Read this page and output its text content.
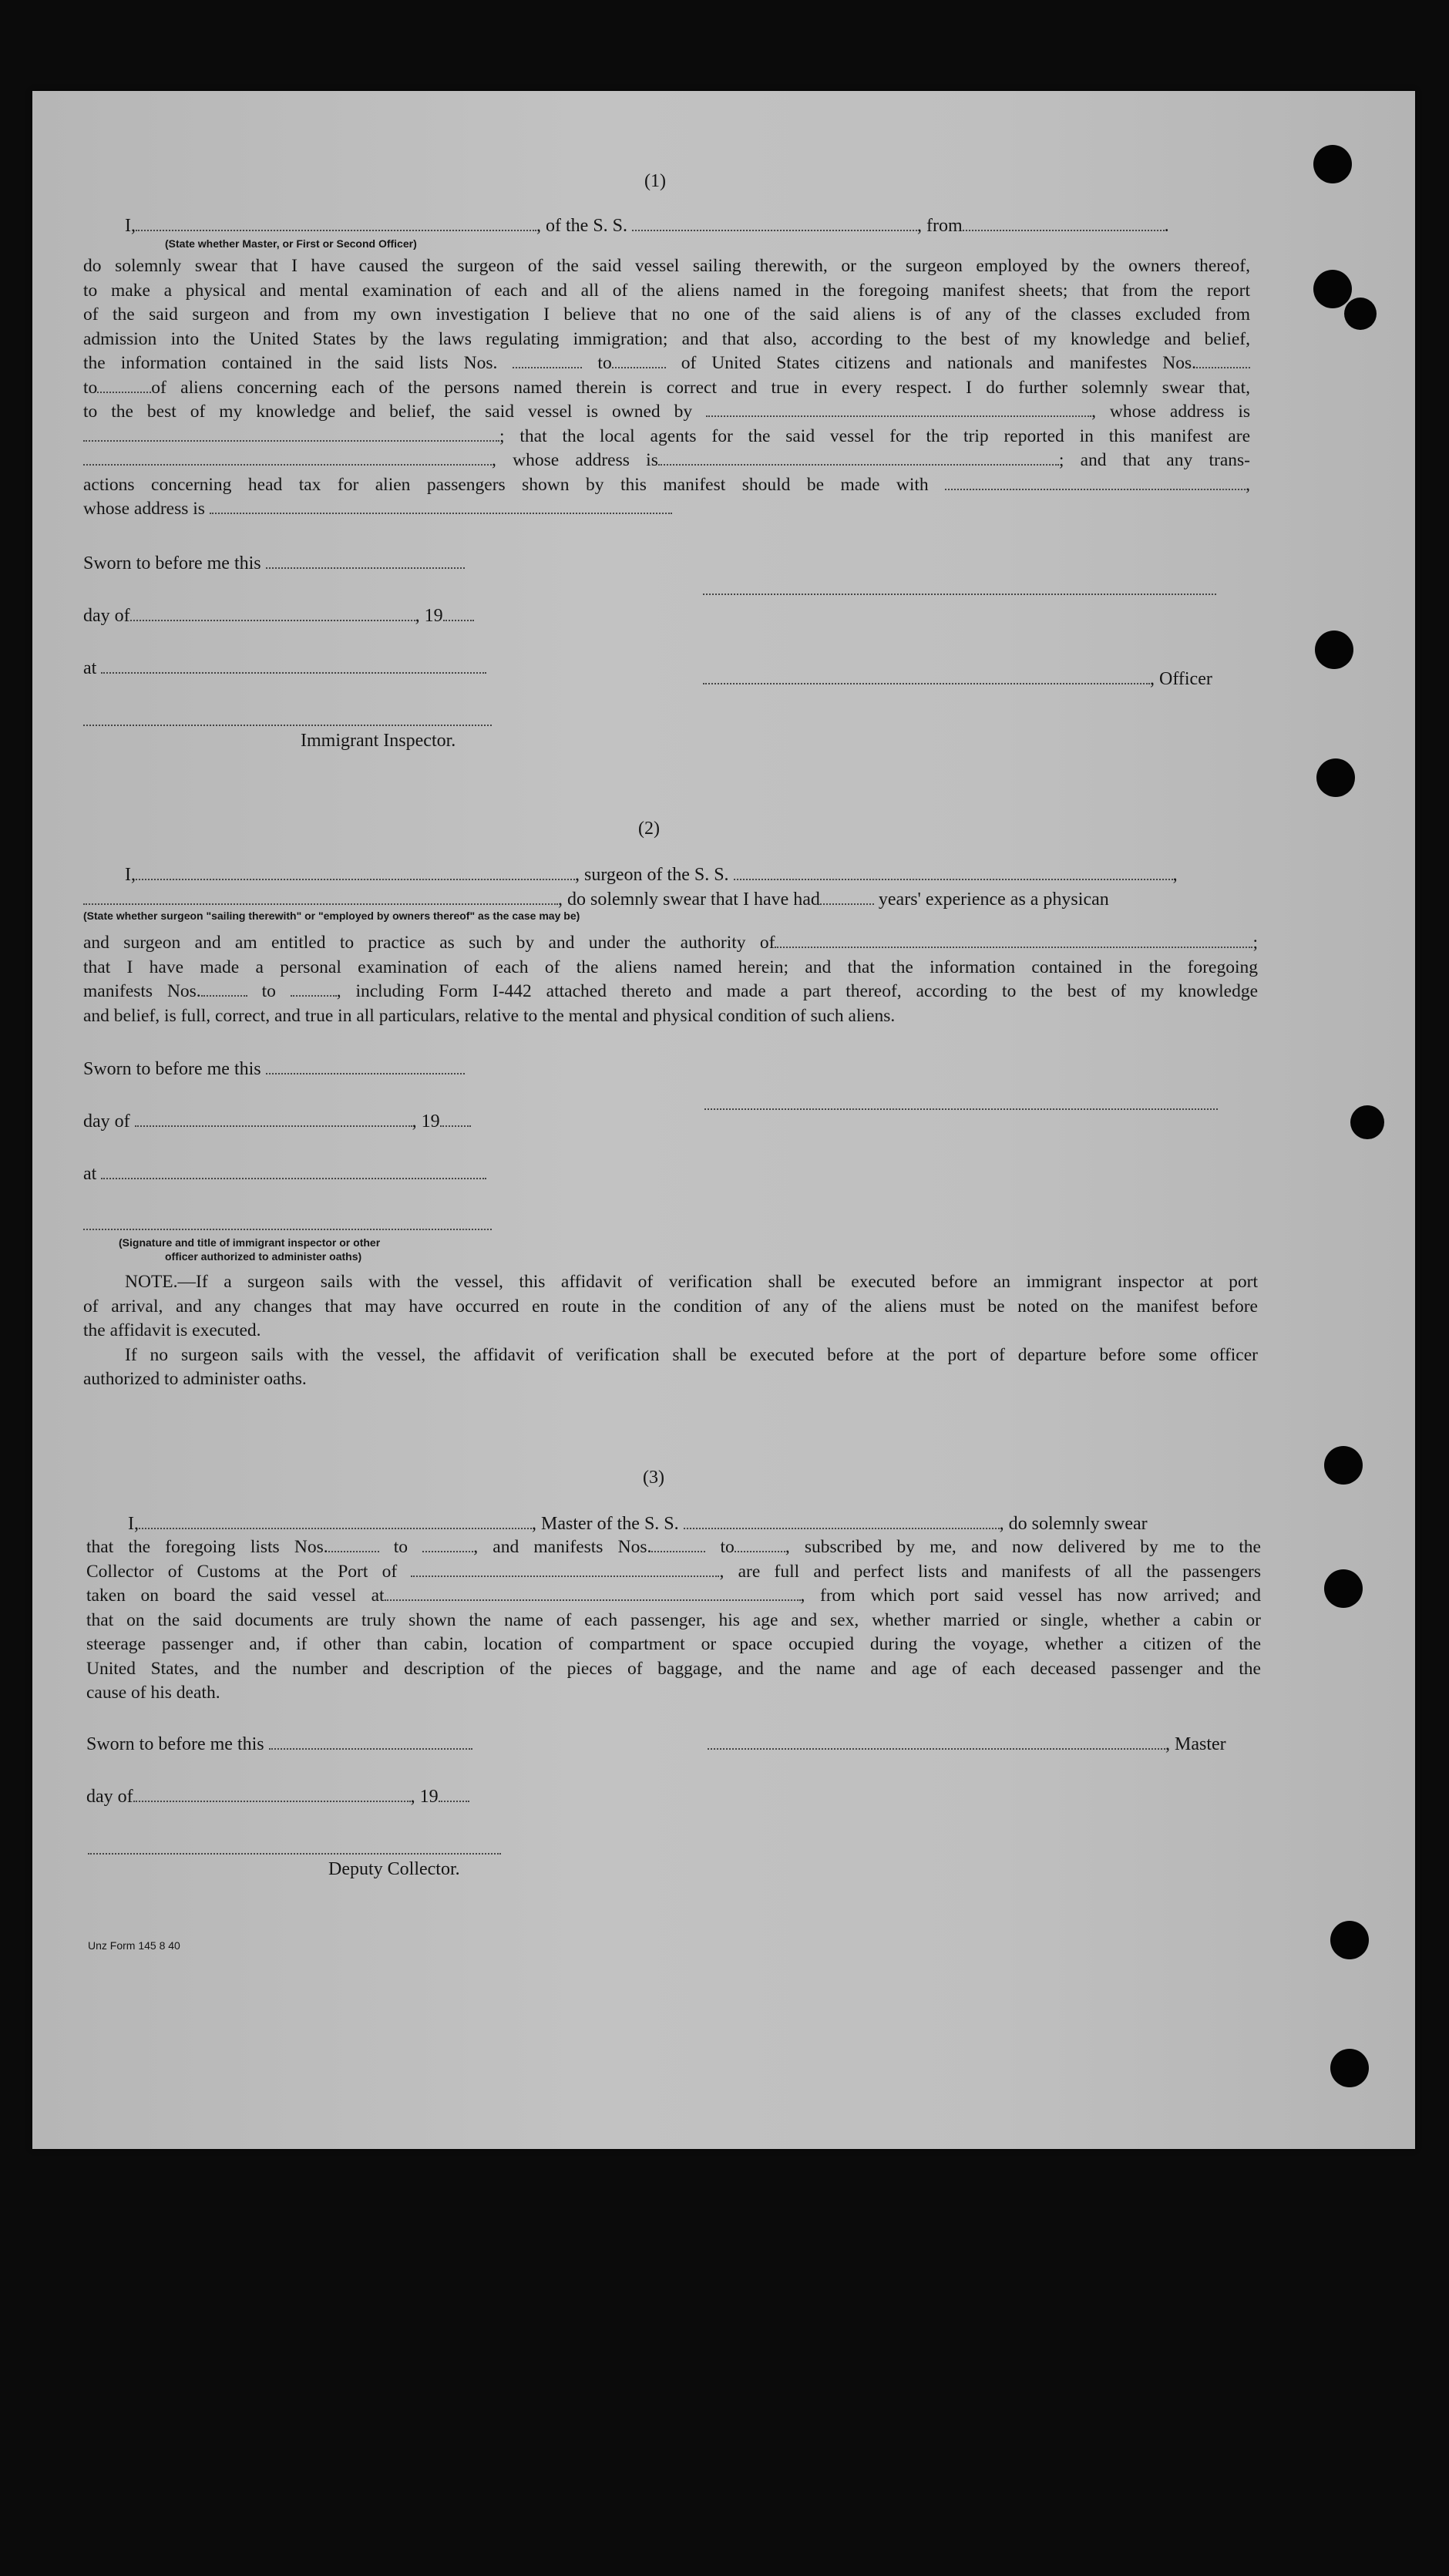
(1)
I,	, of the S. S.	, from	.
(State whether Master, or First or Second Officer)
do solemnly swear that I have caused the surgeon of the said vessel sailing therewith, or the surgeon employed by the owners thereof,
to make a physical and mental examination of each and all of the aliens named in the foregoing manifest sheets; that from the report
of the said surgeon and from my own investigation I believe that no one of the said aliens is of any of the classes excluded from
admission into the United States by the laws regulating immigration; and that also, according to the best of my knowledge and belief,
the information contained in the said lists Nos.	to	of United States citizens and nationals and manifestes Nos.
to	of aliens concerning each of the persons named therein is correct and true in every respect. I do further solemnly swear that,
to the best of my knowledge and belief, the said vessel is owned by	, whose address is
; that the local agents for the said vessel for the trip reported in this manifest are
, whose address is	; and that any trans-
actions concerning head tax for alien passengers shown by this manifest should be made with	,
whose address is
Sworn to before me this
day of	, 19
at
, Officer
Immigrant Inspector.
(2)
I,	, surgeon of the S. S.	,
, do solemnly swear that I have had	years' experience as a physican
(State whether surgeon "sailing therewith" or "employed by owners thereof" as the case may be)
and surgeon and am entitled to practice as such by and under the authority of	;
that I have made a personal examination of each of the aliens named herein; and that the information contained in the foregoing
manifests Nos.	to	, including Form I-442 attached thereto and made a part thereof, according to the best of my knowledge
and belief, is full, correct, and true in all particulars, relative to the mental and physical condition of such aliens.
Sworn to before me this
day of	, 19
at
(Signature and title of immigrant inspector or other
officer authorized to administer oaths)
NOTE.—If a surgeon sails with the vessel, this affidavit of verification shall be executed before an immigrant inspector at port
of arrival, and any changes that may have occurred en route in the condition of any of the aliens must be noted on the manifest before
the affidavit is executed.
If no surgeon sails with the vessel, the affidavit of verification shall be executed before at the port of departure before some officer
authorized to administer oaths.
(3)
I,	, Master of the S. S.	, do solemnly swear
that the foregoing lists Nos.	to	, and manifests Nos.	to	, subscribed by me, and now delivered by me to the
Collector of Customs at the Port of	, are full and perfect lists and manifests of all the passengers
taken on board the said vessel at	, from which port said vessel has now arrived; and
that on the said documents are truly shown the name of each passenger, his age and sex, whether married or single, whether a cabin or
steerage passenger and, if other than cabin, location of compartment or space occupied during the voyage, whether a citizen of the
United States, and the number and description of the pieces of baggage, and the name and age of each deceased passenger and the
cause of his death.
Sworn to before me this	, Master
day of	, 19
Deputy Collector.
Unz Form 145 8 40
